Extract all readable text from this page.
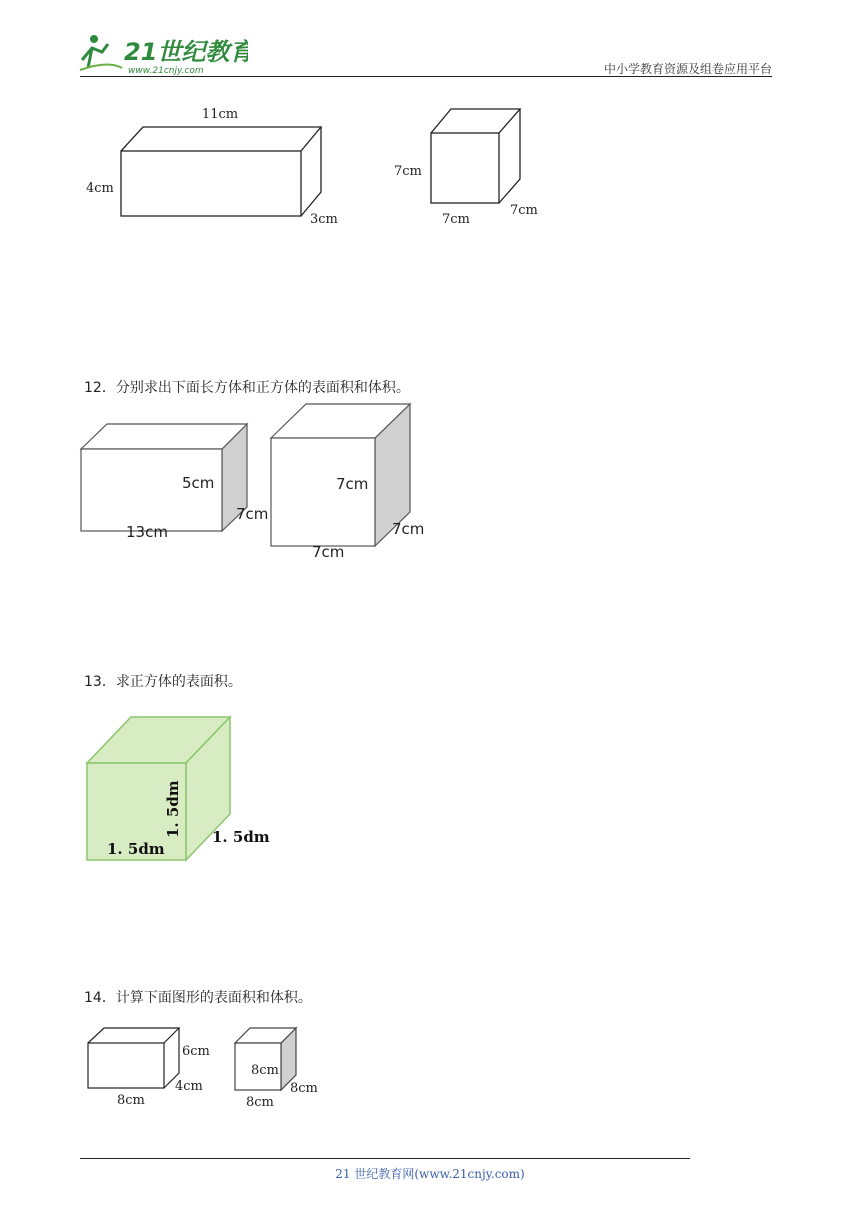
21世纪教育
www.21cnjy.com	中小学教育资源及组卷应用平台
11cm
4cm
3cm
7cm
7cm
7cm
12．分别求出下面长方体和正方体的表面积和体积。
5cm
13cm
7cm
7cm
7cm
7cm
13．求正方体的表面积。
1. 5dm
1. 5dm
1. 5dm
14．计算下面图形的表面积和体积。
6cm
8cm
4cm
8cm
8cm
8cm
21 世纪教育网(www.21cnjy.com)
